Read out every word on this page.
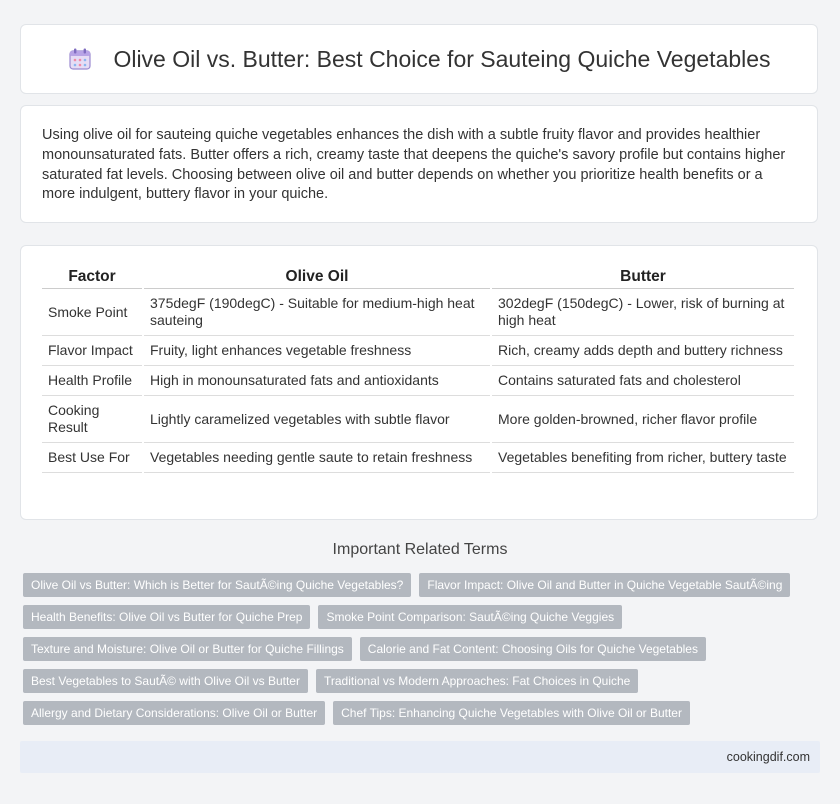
Olive Oil vs. Butter: Best Choice for Sauteing Quiche Vegetables

Using olive oil for sauteing quiche vegetables enhances the dish with a subtle fruity flavor and provides healthier monounsaturated fats. Butter offers a rich, creamy taste that deepens the quiche's savory profile but contains higher saturated fat levels. Choosing between olive oil and butter depends on whether you prioritize health benefits or a more indulgent, buttery flavor in your quiche.

Factor	Olive Oil	Butter
Smoke Point	375degF (190degC) - Suitable for medium-high heat sauteing	302degF (150degC) - Lower, risk of burning at high heat
Flavor Impact	Fruity, light enhances vegetable freshness	Rich, creamy adds depth and buttery richness
Health Profile	High in monounsaturated fats and antioxidants	Contains saturated fats and cholesterol
Cooking Result	Lightly caramelized vegetables with subtle flavor	More golden-browned, richer flavor profile
Best Use For	Vegetables needing gentle saute to retain freshness	Vegetables benefiting from richer, buttery taste
Important Related Terms
Olive Oil vs Butter: Which is Better for SautÃ©ing Quiche Vegetables?	Flavor Impact: Olive Oil and Butter in Quiche Vegetable SautÃ©ing
Health Benefits: Olive Oil vs Butter for Quiche Prep	Smoke Point Comparison: SautÃ©ing Quiche Veggies
Texture and Moisture: Olive Oil or Butter for Quiche Fillings	Calorie and Fat Content: Choosing Oils for Quiche Vegetables
Best Vegetables to SautÃ© with Olive Oil vs Butter	Traditional vs Modern Approaches: Fat Choices in Quiche
Allergy and Dietary Considerations: Olive Oil or Butter	Chef Tips: Enhancing Quiche Vegetables with Olive Oil or Butter
cookingdif.com
